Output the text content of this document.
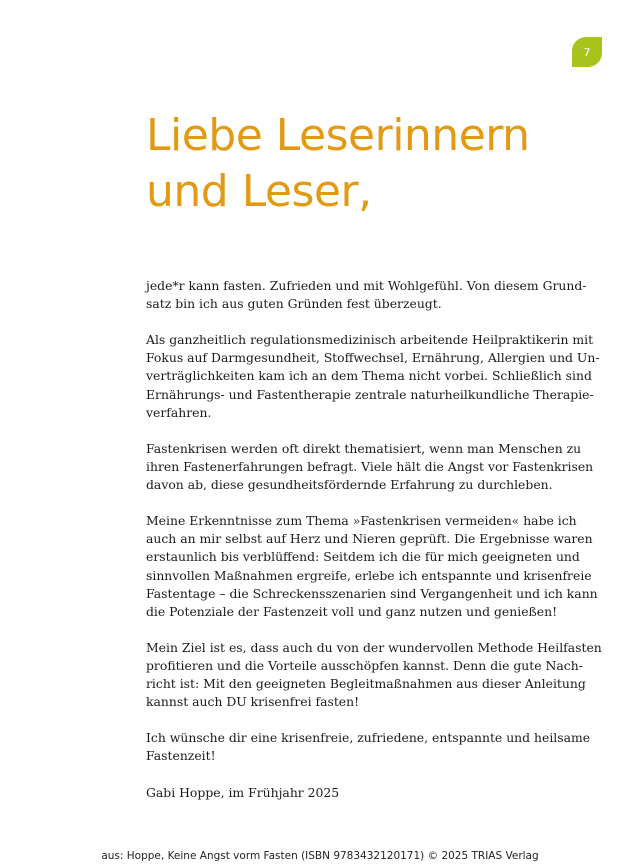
7
Liebe Leserinnern
und Leser,
jede*r kann fasten. Zufrieden und mit Wohlgefühl. Von diesem Grund-
satz bin ich aus guten Gründen fest überzeugt.
Als ganzheitlich regulationsmedizinisch arbeitende Heilpraktikerin mit
Fokus auf Darmgesundheit, Stoffwechsel, Ernährung, Allergien und Un-
verträglichkeiten kam ich an dem Thema nicht vorbei. Schließlich sind
Ernährungs- und Fastentherapie zentrale naturheilkundliche Therapie-
verfahren.
Fastenkrisen werden oft direkt thematisiert, wenn man Menschen zu
ihren Fastenerfahrungen befragt. Viele hält die Angst vor Fastenkrisen
davon ab, diese gesundheitsfördernde Erfahrung zu durchleben.
Meine Erkenntnisse zum Thema »Fastenkrisen vermeiden« habe ich
auch an mir selbst auf Herz und Nieren geprüft. Die Ergebnisse waren
erstaunlich bis verblüffend: Seitdem ich die für mich geeigneten und
sinnvollen Maßnahmen ergreife, erlebe ich entspannte und krisenfreie
Fastentage – die Schreckensszenarien sind Vergangenheit und ich kann
die Potenziale der Fastenzeit voll und ganz nutzen und genießen!
Mein Ziel ist es, dass auch du von der wundervollen Methode Heilfasten
profitieren und die Vorteile ausschöpfen kannst. Denn die gute Nach-
richt ist: Mit den geeigneten Begleitmaßnahmen aus dieser Anleitung
kannst auch DU krisenfrei fasten!
Ich wünsche dir eine krisenfreie, zufriedene, entspannte und heilsame
Fastenzeit!
Gabi Hoppe, im Frühjahr 2025
aus: Hoppe, Keine Angst vorm Fasten (ISBN 9783432120171) © 2025 TRIAS Verlag
